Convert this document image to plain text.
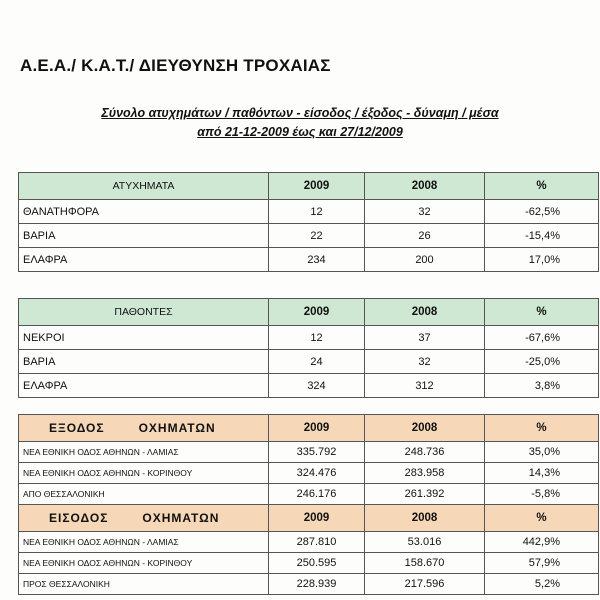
Α.Ε.Α./ Κ.Α.Τ./ ΔΙΕΥΘΥΝΣΗ ΤΡΟΧΑΙΑΣ
Σύνολο ατυχημάτων / παθόντων - είσοδος / έξοδος - δύναμη / μέσα
από 21-12-2009 έως και 27/12/2009
ΑΤΥΧΗΜΑΤΑ	2009	2008	%
ΘΑΝΑΤΗΦΟΡΑ	12	32	-62,5%
ΒΑΡΙΑ	22	26	-15,4%
ΕΛΑΦΡΑ	234	200	17,0%
ΠΑΘΟΝΤΕΣ	2009	2008	%
ΝΕΚΡΟΙ	12	37	-67,6%
ΒΑΡΙΑ	24	32	-25,0%
ΕΛΑΦΡΑ	324	312	3,8%
ΕΞΟΔΟΣ ΟΧΗΜΑΤΩΝ	2009	2008	%
ΝΕΑ ΕΘΝΙΚΗ ΟΔΟΣ ΑΘΗΝΩΝ - ΛΑΜΙΑΣ	335.792	248.736	35,0%
ΝΕΑ ΕΘΝΙΚΗ ΟΔΟΣ ΑΘΗΝΩΝ - ΚΟΡΙΝΘΟΥ	324.476	283.958	14,3%
ΑΠΟ ΘΕΣΣΑΛΟΝΙΚΗ	246.176	261.392	-5,8%
ΕΙΣΟΔΟΣ ΟΧΗΜΑΤΩΝ	2009	2008	%
ΝΕΑ ΕΘΝΙΚΗ ΟΔΟΣ ΑΘΗΝΩΝ - ΛΑΜΙΑΣ	287.810	53.016	442,9%
ΝΕΑ ΕΘΝΙΚΗ ΟΔΟΣ ΑΘΗΝΩΝ - ΚΟΡΙΝΘΟΥ	250.595	158.670	57,9%
ΠΡΟΣ ΘΕΣΣΑΛΟΝΙΚΗ	228.939	217.596	5,2%
